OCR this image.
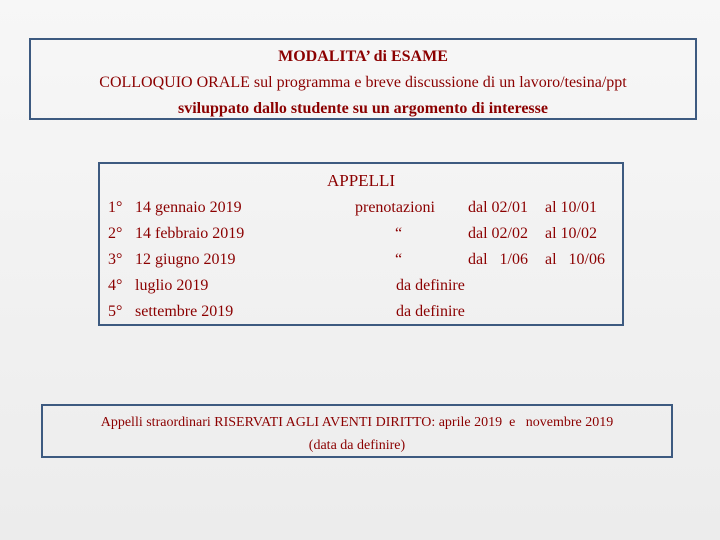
MODALITA’ di ESAME
COLLOQUIO ORALE sul programma e breve discussione di un lavoro/tesina/ppt
sviluppato dallo studente su un argomento di interesse
APPELLI
1° 14 gennaio 2019	prenotazioni dal 02/01 al 10/01
2° 14 febbraio 2019	“	dal 02/02 al 10/02
3° 12 giugno 2019	“	dal   1/06 al   10/06
4° luglio 2019	da definire
5° settembre 2019	da definire
Appelli straordinari RISERVATI AGLI AVENTI DIRITTO: aprile 2019  e   novembre 2019
(data da definire)
